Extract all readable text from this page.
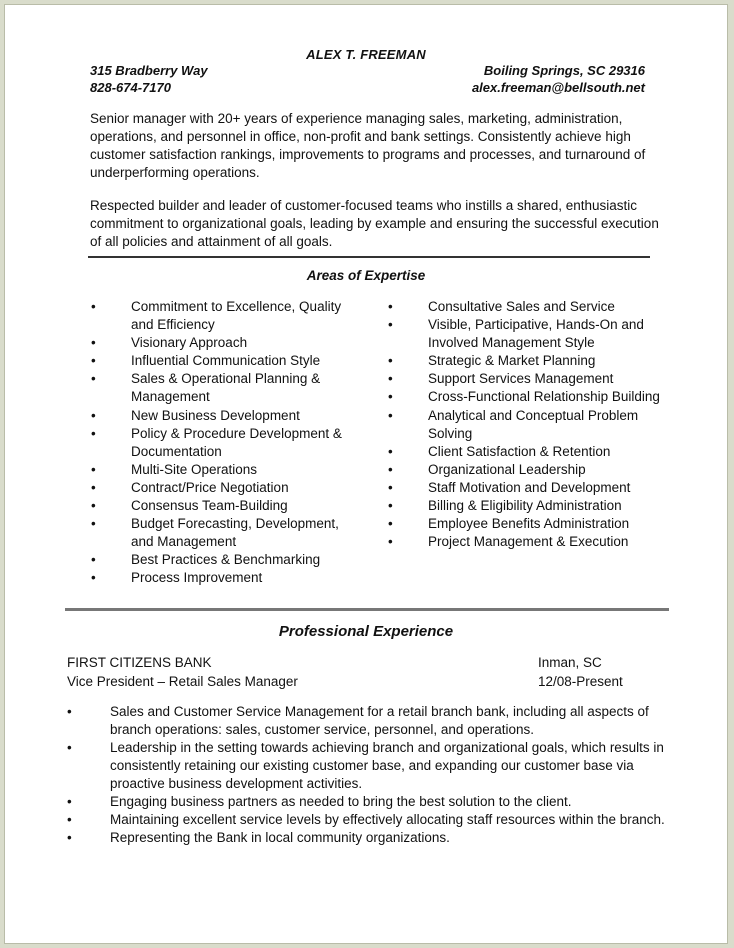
ALEX T. FREEMAN
315 Bradberry Way	Boiling Springs, SC 29316
828-674-7170	alex.freeman@bellsouth.net
Senior manager with 20+ years of experience managing sales, marketing, administration, operations, and personnel in office, non-profit and bank settings. Consistently achieve high customer satisfaction rankings, improvements to programs and processes, and turnaround of underperforming operations.
Respected builder and leader of customer-focused teams who instills a shared, enthusiastic commitment to organizational goals, leading by example and ensuring the successful execution of all policies and attainment of all goals.
Areas of Expertise
• Commitment to Excellence, Quality and Efficiency
• Visionary Approach
• Influential Communication Style
• Sales & Operational Planning & Management
• New Business Development
• Policy & Procedure Development & Documentation
• Multi-Site Operations
• Contract/Price Negotiation
• Consensus Team-Building
• Budget Forecasting, Development, and Management
• Best Practices & Benchmarking
• Process Improvement
• Consultative Sales and Service
• Visible, Participative, Hands-On and Involved Management Style
• Strategic & Market Planning
• Support Services Management
• Cross-Functional Relationship Building
• Analytical and Conceptual Problem Solving
• Client Satisfaction & Retention
• Organizational Leadership
• Staff Motivation and Development
• Billing & Eligibility Administration
• Employee Benefits Administration
• Project Management & Execution
Professional Experience
FIRST CITIZENS BANK	Inman, SC
Vice President – Retail Sales Manager	12/08-Present
• Sales and Customer Service Management for a retail branch bank, including all aspects of branch operations: sales, customer service, personnel, and operations.
• Leadership in the setting towards achieving branch and organizational goals, which results in consistently retaining our existing customer base, and expanding our customer base via proactive business development activities.
• Engaging business partners as needed to bring the best solution to the client.
• Maintaining excellent service levels by effectively allocating staff resources within the branch.
• Representing the Bank in local community organizations.
